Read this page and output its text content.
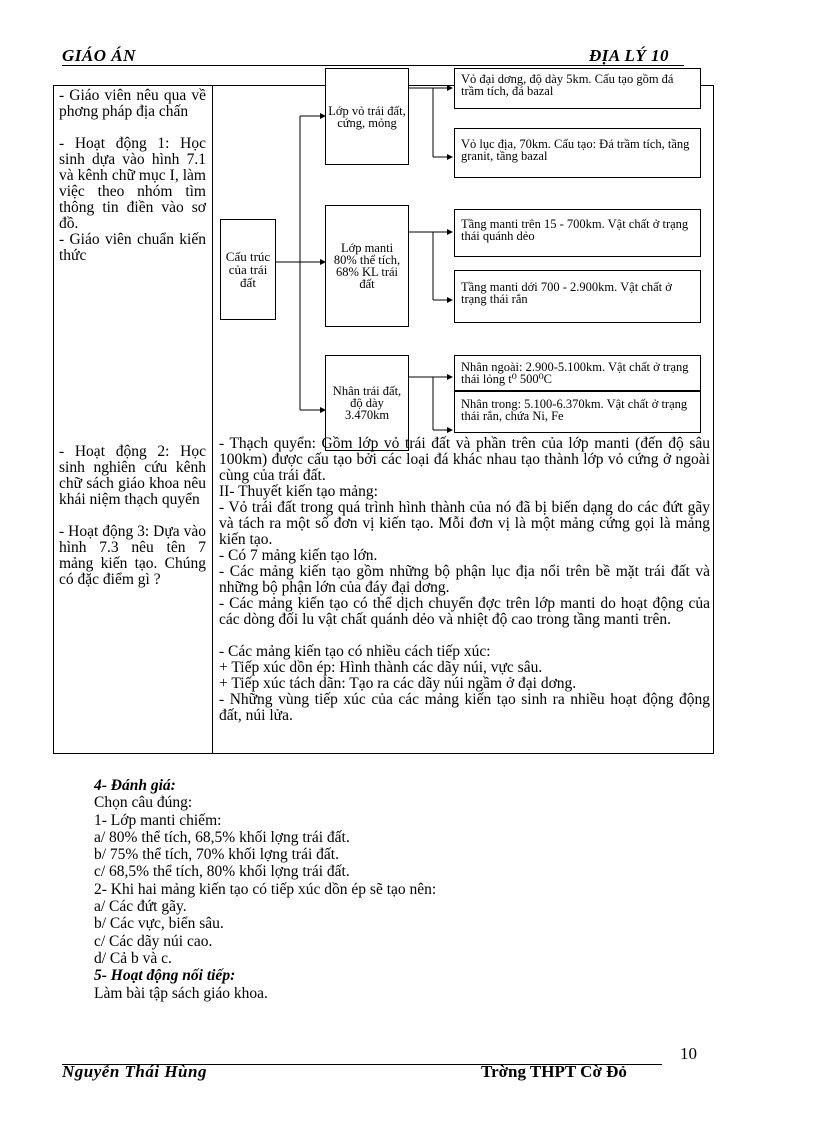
GIÁO ÁN	ĐỊA LÝ 10

- Giáo viên nêu qua về phơng pháp địa chấn

- Hoạt động 1: Học sinh dựa vào hình 7.1 và kênh chữ mục I, làm việc theo nhóm tìm thông tin điền vào sơ đồ.

- Giáo viên chuẩn kiến thức

- Hoạt động 2: Học sinh nghiên cứu kênh chữ sách giáo khoa nêu khái niệm thạch quyển

- Hoạt động 3: Dựa vào hình 7.3 nêu tên 7 mảng kiến tạo. Chúng có đặc điểm gì ?

Cấu trúc của trái đất
Lớp vỏ trái đất, cứng, mỏng
Lớp manti 80% thể tích, 68% KL trái đất
Nhân trái đất, độ dày 3.470km
Vỏ đại dơng, độ dày 5km. Cấu tạo gồm đá trầm tích, đá bazal
Vỏ lục địa, 70km. Cấu tạo: Đá trầm tích, tầng granit, tầng bazal
Tầng manti trên 15 - 700km. Vật chất ở trạng thái quánh dẻo
Tầng manti dới 700 - 2.900km. Vật chất ở trạng thái rắn
Nhân ngoài: 2.900-5.100km. Vật chất ở trạng thái lỏng t⁰ 500⁰C
Nhân trong: 5.100-6.370km. Vật chất ở trạng thái rắn, chứa Ni, Fe

- Thạch quyển: Gồm lớp vỏ trái đất và phần trên của lớp manti (đến độ sâu 100km) được cấu tạo bởi các loại đá khác nhau tạo thành lớp vỏ cứng ở ngoài cùng của trái đất.

II- Thuyết kiến tạo mảng:

- Vỏ trái đất trong quá trình hình thành của nó đã bị biến dạng do các đứt gãy và tách ra một số đơn vị kiến tạo. Mỗi đơn vị là một mảng cứng gọi là mảng kiến tạo.

- Có 7 mảng kiến tạo lớn.

- Các mảng kiến tạo gồm những bộ phận lục địa nổi trên bề mặt trái đất và những bộ phận lớn của đáy đại dơng.

- Các mảng kiến tạo có thể dịch chuyển đợc trên lớp manti do hoạt động của các dòng đối lu vật chất quánh dẻo và nhiệt độ cao trong tầng manti trên.

- Các mảng kiến tạo có nhiều cách tiếp xúc:

+ Tiếp xúc dồn ép: Hình thành các dãy núi, vực sâu.

+ Tiếp xúc tách dãn: Tạo ra các dãy núi ngầm ở đại dơng.

- Những vùng tiếp xúc của các mảng kiến tạo sinh ra nhiều hoạt động động đất, núi lửa.

4- Đánh giá:

Chọn câu đúng:

1- Lớp manti chiếm:

a/ 80% thể tích, 68,5% khối lợng trái đất.

b/ 75% thể tích, 70% khối lợng trái đất.

c/ 68,5% thể tích, 80% khối lợng trái đất.

2- Khi hai mảng kiến tạo có tiếp xúc dồn ép sẽ tạo nên:

a/ Các đứt gãy.

b/ Các vực, biển sâu.

c/ Các dãy núi cao.

d/ Cả b và c.

5- Hoạt động nối tiếp:

Làm bài tập sách giáo khoa.

10
Nguyễn Thái Hùng	Trờng THPT Cờ Đỏ
